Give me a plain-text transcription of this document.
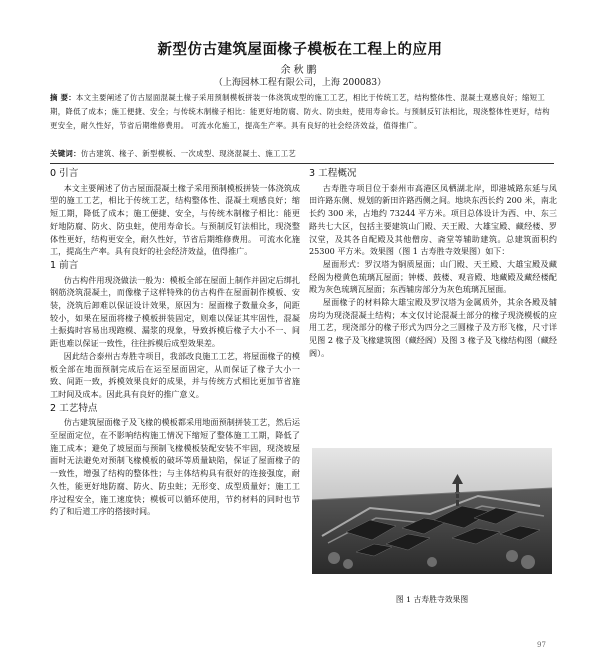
新型仿古建筑屋面椽子模板在工程上的应用
余秋鹏
（上海园林工程有限公司，上海 200083）
摘 要：本文主要阐述了仿古屋面混凝土椽子采用预制模板拼装一体浇筑成型的施工工艺，相比于传统工艺，结构整体性、混凝土观感良好；缩短工期，降低了成本；施工便捷、安全；与传统木制椽子相比：能更好地防腐、防火、防虫蛀，使用寿命长。与预制反钉法相比，现浇整体性更好，结构更安全，耐久性好，节省后期维修费用。 可流水化施工，提高生产率。具有良好的社会经济效益，值得推广。
关键词：仿古建筑、椽子、新型模板、一次成型、现浇混凝土、施工工艺
0 引言

本文主要阐述了仿古屋面混凝土椽子采用预制模板拼装一体浇筑成型的施工工艺，相比于传统工艺，结构整体性、混凝土观感良好；缩短工期，降低了成本；施工便捷、安全，与传统木制椽子相比：能更好地防腐、防火、防虫蛀，使用寿命长。与预制反钉法相比，现浇整体性更好，结构更安全，耐久性好，节省后期维修费用。 可流水化施工，提高生产率。具有良好的社会经济效益，值得推广。

1 前言

仿古构件用现浇做法一般为：模板全部在屋面上制作并固定后绑扎钢筋浇筑混凝土，而像椽子这样特殊的仿古构件在屋面制作模板、安装，浇筑后卸难以保证设计效果，原因为：屋面椽子数量众多，间距较小，如果在屋面将椽子模板拼装固定，则难以保证其牢固性，混凝土振捣时容易出现跑模、漏浆的现象，导致拆模后椽子大小不一、间距也难以保证一致性，往往拆模后成型效果差。

因此结合泰州古寿胜寺项目，我部改良施工工艺，将屋面椽子的模板全部在地面预制完成后在运至屋面固定，从而保证了椽子大小一致、间距一致，拆模效果良好的成果，并与传统方式相比更加节省施工时间及成本。因此具有良好的推广意义。

2 工艺特点

仿古建筑屋面椽子及飞椽的模板都采用地面预制拼装工艺，然后运至屋面定位，在不影响结构施工情况下缩短了整体施工工期，降低了施工成本；避免了坡屋面与预制飞椽模板装配安装不牢固，现浇坡屋面时无法避免对预制飞椽模板的破坏等质量缺陷，保证了屋面椽子的一致性，增强了结构的整体性；与主体结构具有很好的连接强度，耐久性，能更好地防腐、防火、防虫蛀；无形变、成型质量好；施工工序过程安全，施工速度快；模板可以循环使用，节约材料的同时也节约了和后道工序的搭接时间。

3 工程概况

古寿胜寺项目位于泰州市高港区凤栖湖北岸，即港城路东延与凤田许路东侧、规划的新田许路西侧之间。地块东西长约 200 米，南北长约 300 米，占地约 73244 平方米。项目总体设计为西、中、东三路共七大区，包括主要建筑山门殿、天王殿、大雄宝殿、藏经楼、罗汉堂，及其各自配殿及其他僧房、斋堂等辅助建筑。总建筑面积约 25300 平方米。效果图（图 1 古寿胜寺效果图）如下：

屋面形式：罗汉塔为铜质屋面；山门殿、天王殿、大雄宝殿及藏经阁为橙黄色琉璃瓦屋面；钟楼、鼓楼、观音殿、地藏殿及藏经楼配殿为灰色琉璃瓦屋面；东西辅房部分为灰色琉璃瓦屋面。

屋面椽子的材料除大雄宝殿及罗汉塔为金属质外，其余各殿及辅房均为现浇混凝土结构；本文仅讨论混凝土部分的椽子现浇模板的应用工艺，现浇部分的椽子形式为四分之三圆椽子及方形飞椽，尺寸详见图 2 椽子及飞椽建筑图（藏经阁）及图 3 椽子及飞椽结构图（藏经阁）。

图 1 古寿胜寺效果图
97
